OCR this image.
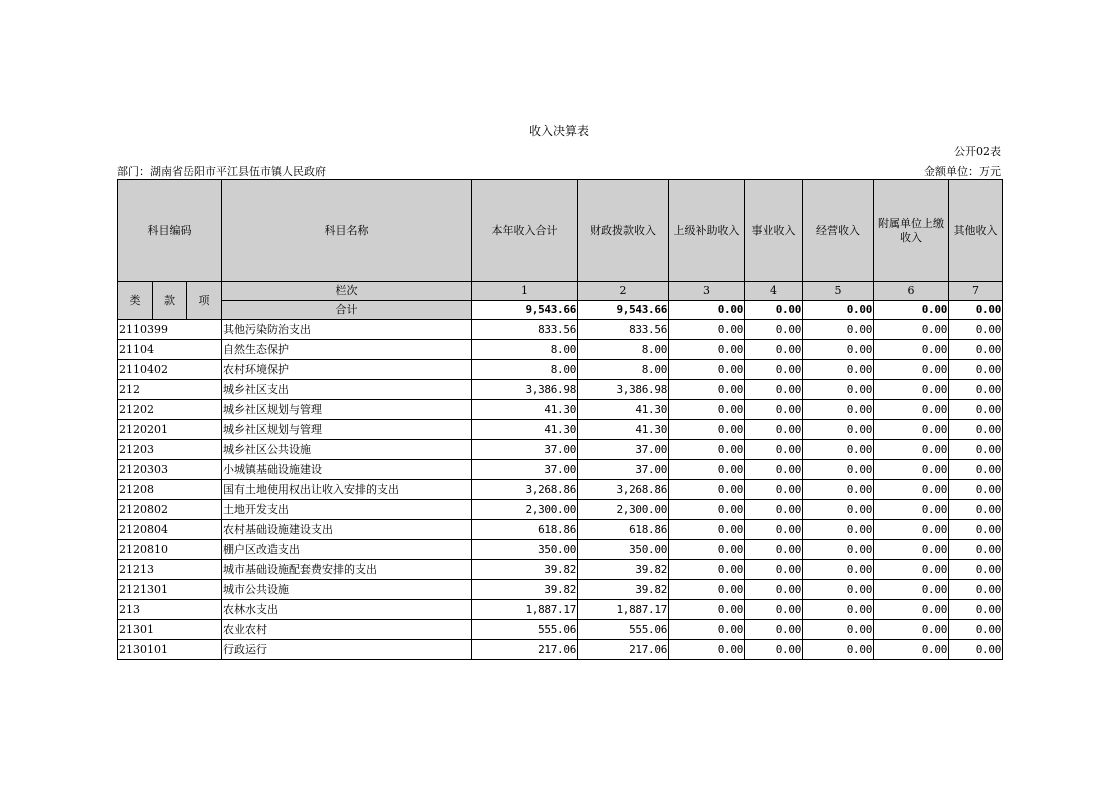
收入决算表
公开02表
部门：湖南省岳阳市平江县伍市镇人民政府	金额单位：万元
科目编码			科目名称	本年收入合计	财政拨款收入	上级补助收入	事业收入	经营收入	附属单位上缴收入	其他收入
类	款	项	栏次	1	2	3	4	5	6	7
			合计	9,543.66	9,543.66	0.00	0.00	0.00	0.00	0.00
2110399			其他污染防治支出	833.56	833.56	0.00	0.00	0.00	0.00	0.00
21104			自然生态保护	8.00	8.00	0.00	0.00	0.00	0.00	0.00
2110402			农村环境保护	8.00	8.00	0.00	0.00	0.00	0.00	0.00
212			城乡社区支出	3,386.98	3,386.98	0.00	0.00	0.00	0.00	0.00
21202			城乡社区规划与管理	41.30	41.30	0.00	0.00	0.00	0.00	0.00
2120201			城乡社区规划与管理	41.30	41.30	0.00	0.00	0.00	0.00	0.00
21203			城乡社区公共设施	37.00	37.00	0.00	0.00	0.00	0.00	0.00
2120303			小城镇基础设施建设	37.00	37.00	0.00	0.00	0.00	0.00	0.00
21208			国有土地使用权出让收入安排的支出	3,268.86	3,268.86	0.00	0.00	0.00	0.00	0.00
2120802			土地开发支出	2,300.00	2,300.00	0.00	0.00	0.00	0.00	0.00
2120804			农村基础设施建设支出	618.86	618.86	0.00	0.00	0.00	0.00	0.00
2120810			棚户区改造支出	350.00	350.00	0.00	0.00	0.00	0.00	0.00
21213			城市基础设施配套费安排的支出	39.82	39.82	0.00	0.00	0.00	0.00	0.00
2121301			城市公共设施	39.82	39.82	0.00	0.00	0.00	0.00	0.00
213			农林水支出	1,887.17	1,887.17	0.00	0.00	0.00	0.00	0.00
21301			农业农村	555.06	555.06	0.00	0.00	0.00	0.00	0.00
2130101			行政运行	217.06	217.06	0.00	0.00	0.00	0.00	0.00
